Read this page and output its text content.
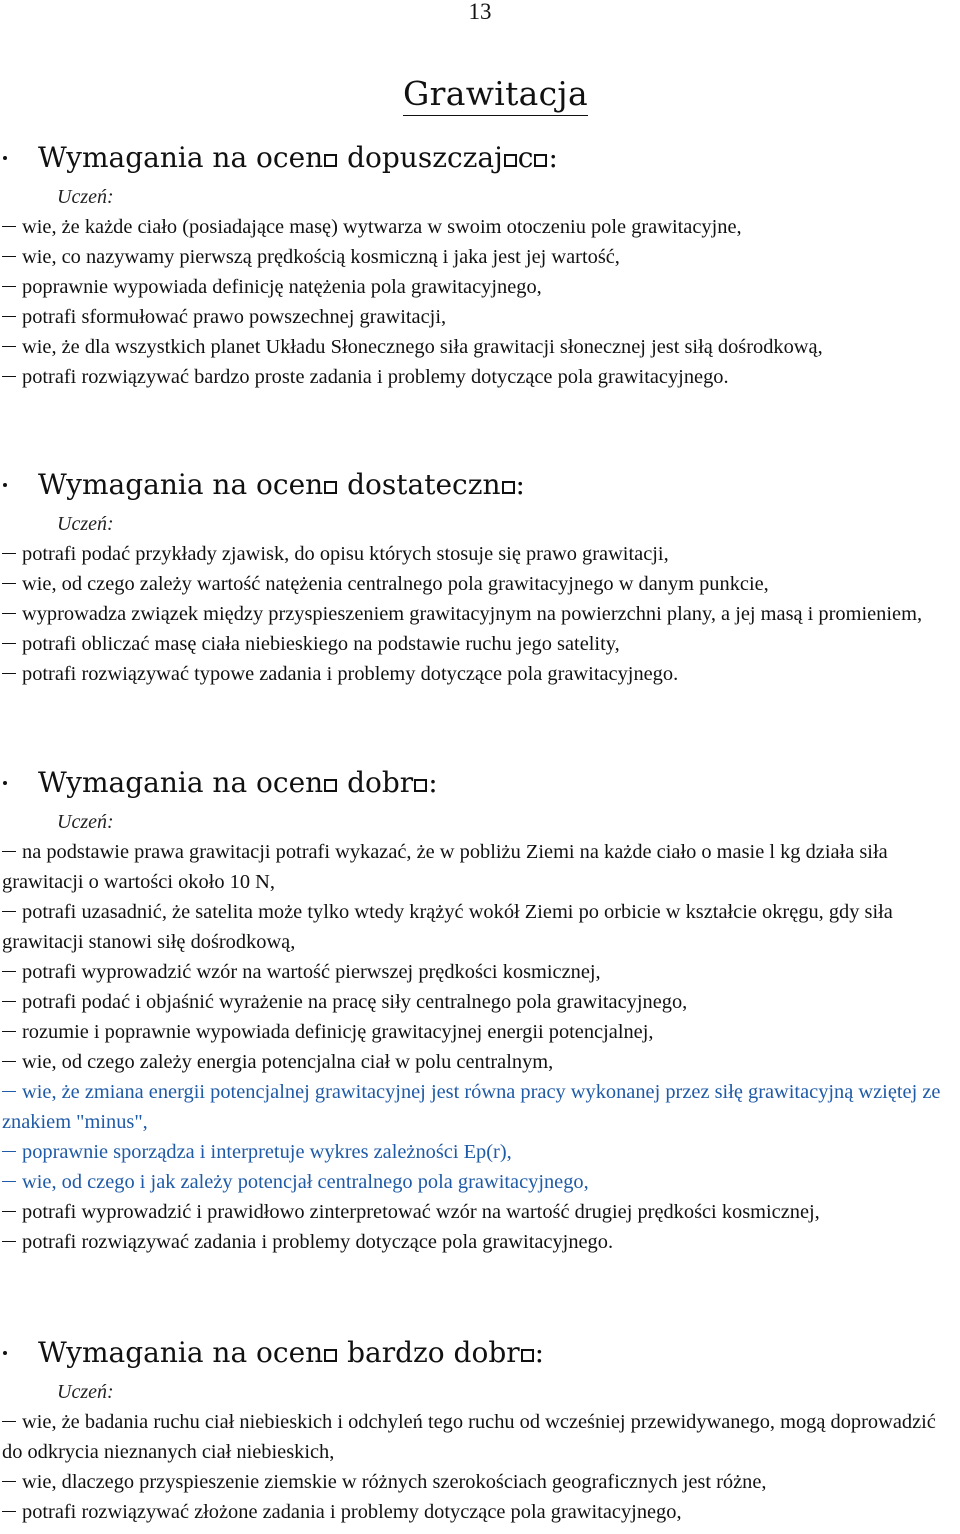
13
Grawitacja
Wymagania na ocen dopuszczaj c :
Uczeń:
wie, że każde ciało (posiadające masę) wytwarza w swoim otoczeniu pole grawitacyjne,
wie, co nazywamy pierwszą prędkością kosmiczną i jaka jest jej wartość,
poprawnie wypowiada definicję natężenia pola grawitacyjnego,
potrafi sformułować prawo powszechnej grawitacji,
wie, że dla wszystkich planet Układu Słonecznego siła grawitacji słonecznej jest siłą dośrodkową,
potrafi rozwiązywać bardzo proste zadania i problemy dotyczące pola grawitacyjnego.
Wymagania na ocen dostateczn :
Uczeń:
potrafi podać przykłady zjawisk, do opisu których stosuje się prawo grawitacji,
wie, od czego zależy wartość natężenia centralnego pola grawitacyjnego w danym punkcie,
wyprowadza związek między przyspieszeniem grawitacyjnym na powierzchni plany, a jej masą i promieniem,
potrafi obliczać masę ciała niebieskiego na podstawie ruchu jego satelity,
potrafi rozwiązywać typowe zadania i problemy dotyczące pola grawitacyjnego.
Wymagania na ocen dobr :
Uczeń:
na podstawie prawa grawitacji potrafi wykazać, że w pobliżu Ziemi na każde ciało o masie l kg działa siła grawitacji o wartości około 10 N,
potrafi uzasadnić, że satelita może tylko wtedy krążyć wokół Ziemi po orbicie w kształcie okręgu, gdy siła grawitacji stanowi siłę dośrodkową,
potrafi wyprowadzić wzór na wartość pierwszej prędkości kosmicznej,
potrafi podać i objaśnić wyrażenie na pracę siły centralnego pola grawitacyjnego,
rozumie i poprawnie wypowiada definicję grawitacyjnej energii potencjalnej,
wie, od czego zależy energia potencjalna ciał w polu centralnym,
wie, że zmiana energii potencjalnej grawitacyjnej jest równa pracy wykonanej przez siłę grawitacyjną wziętej ze znakiem "minus",
poprawnie sporządza i interpretuje wykres zależności Ep(r),
wie, od czego i jak zależy potencjał centralnego pola grawitacyjnego,
potrafi wyprowadzić i prawidłowo zinterpretować wzór na wartość drugiej prędkości kosmicznej,
potrafi rozwiązywać zadania i problemy dotyczące pola grawitacyjnego.
Wymagania na ocen bardzo dobr :
Uczeń:
wie, że badania ruchu ciał niebieskich i odchyleń tego ruchu od wcześniej przewidywanego, mogą doprowadzić do odkrycia nieznanych ciał niebieskich,
wie, dlaczego przyspieszenie ziemskie w różnych szerokościach geograficznych jest różne,
potrafi rozwiązywać złożone zadania i problemy dotyczące pola grawitacyjnego,
